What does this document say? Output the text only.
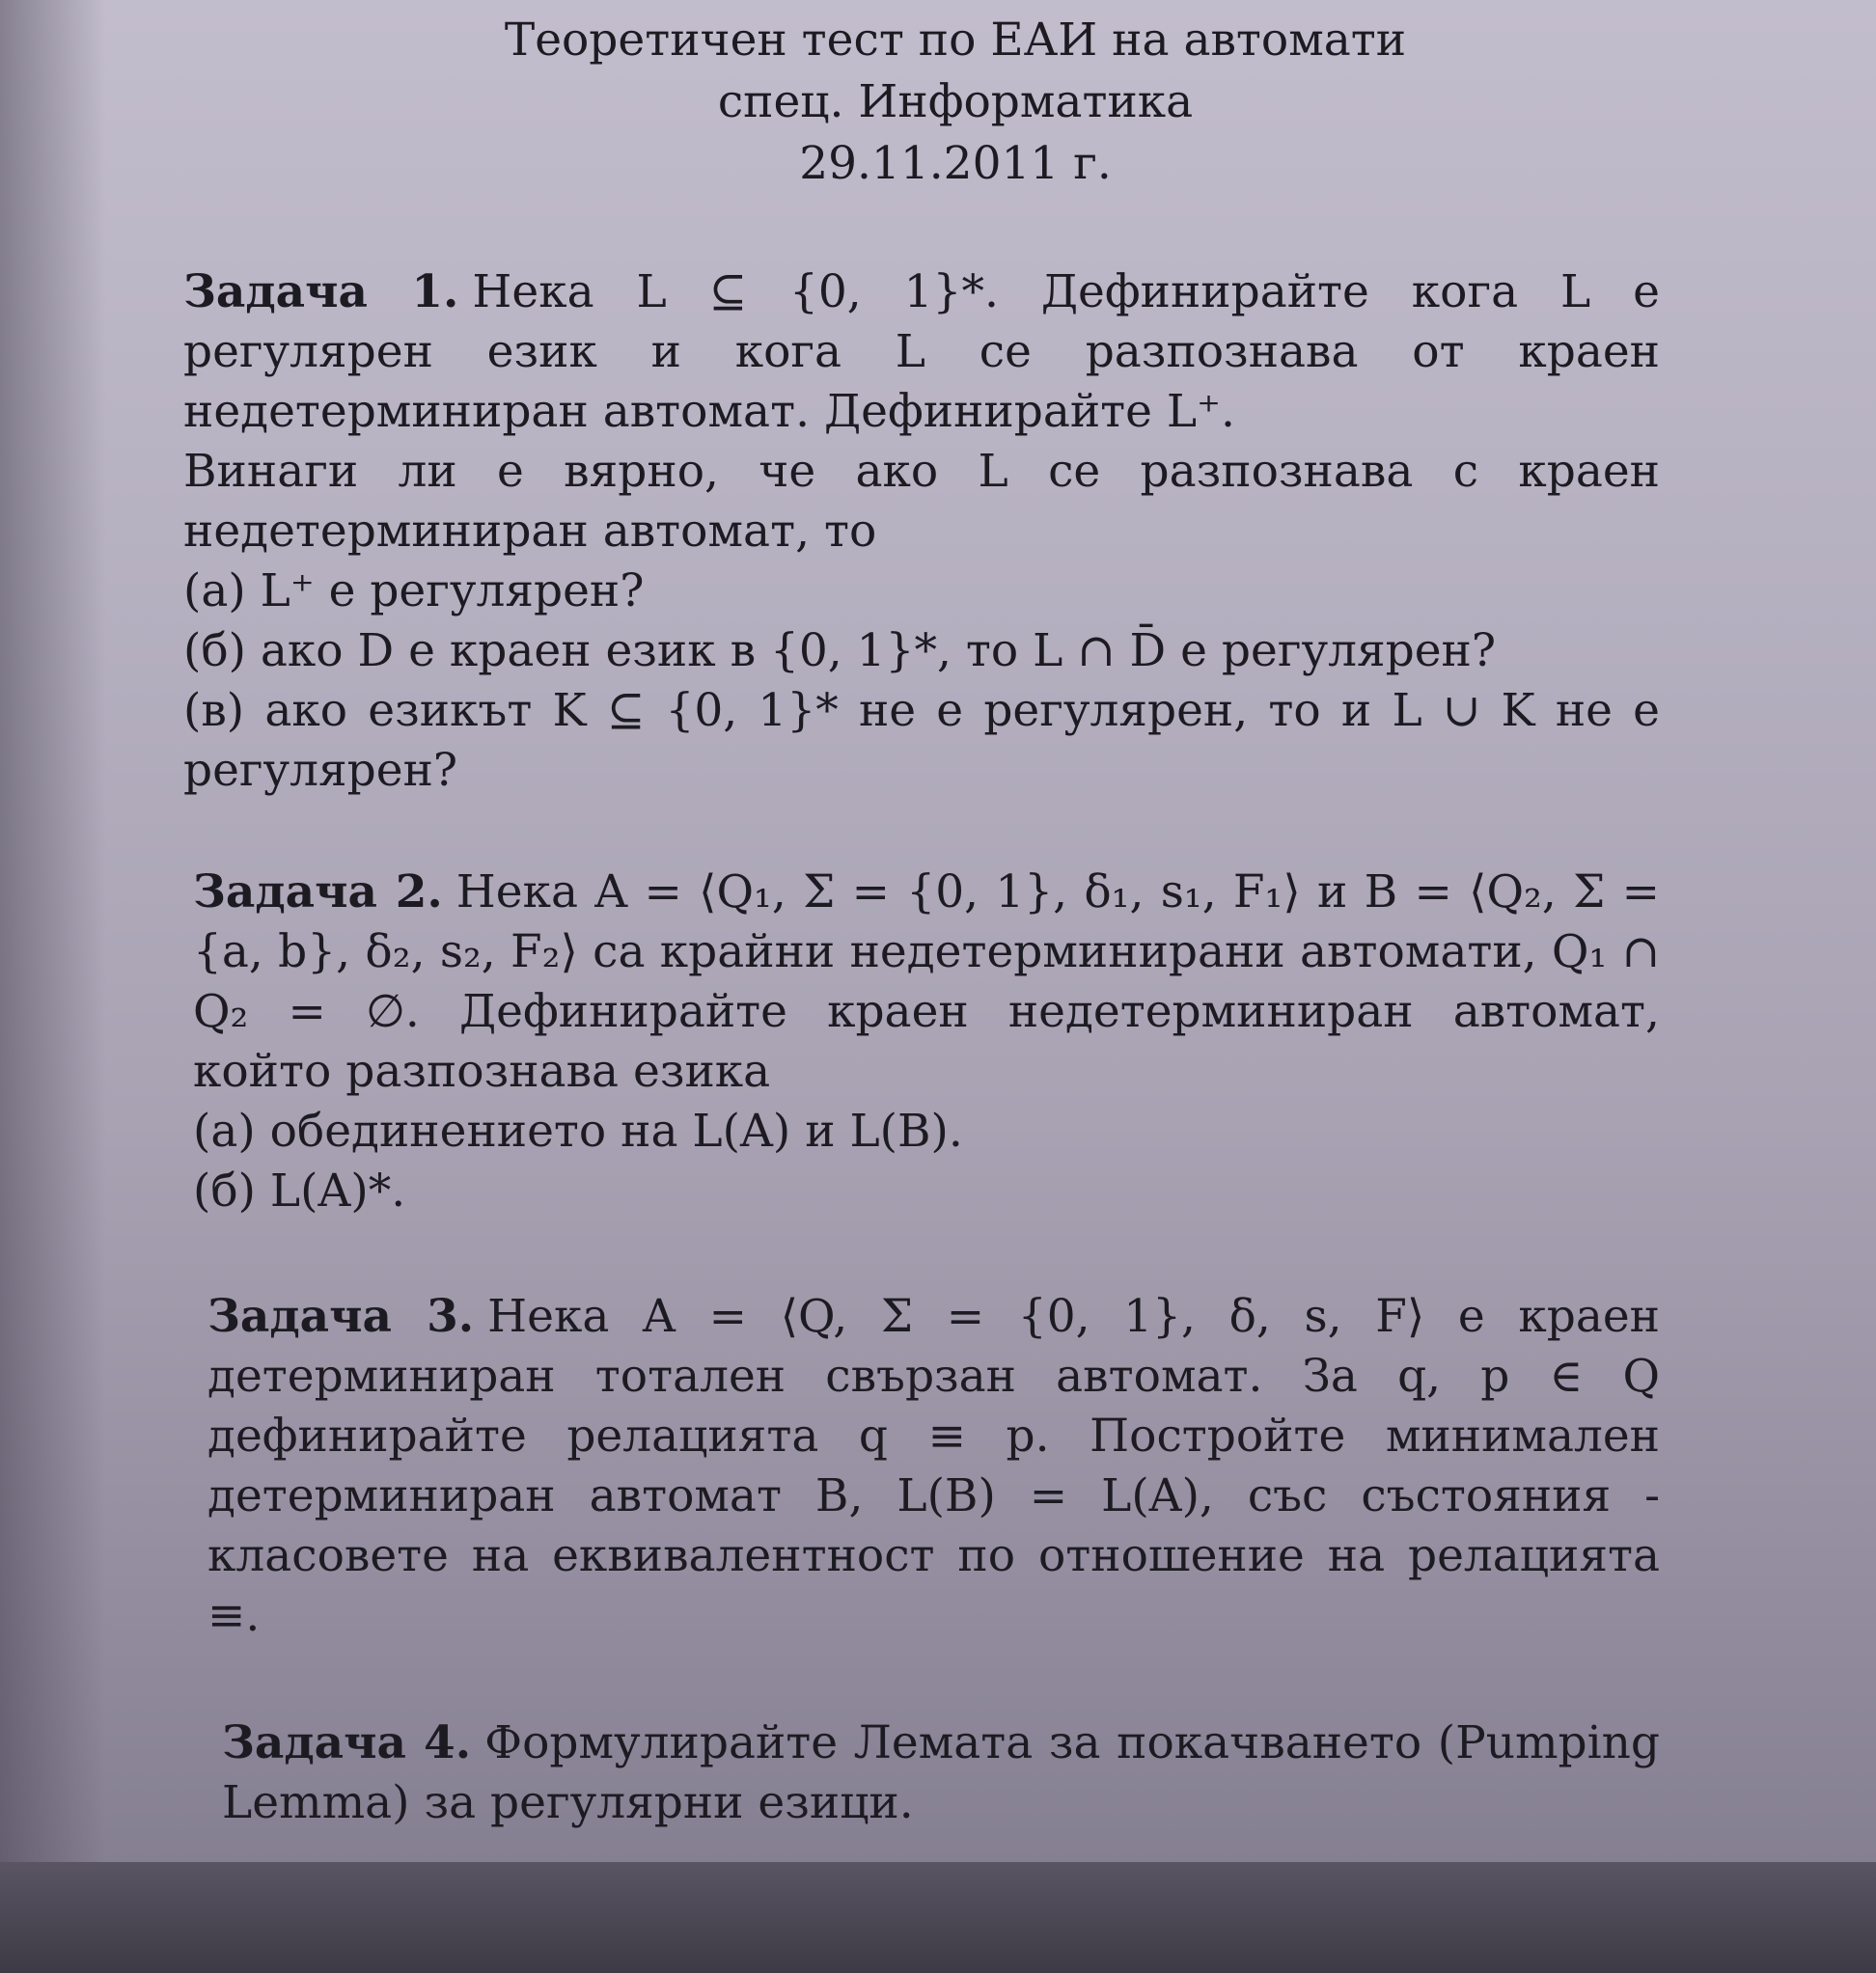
Теоретичен тест по ЕАИ на автомати
спец. Информатика
29.11.2011 г.

Задача 1. Нека L ⊆ {0, 1}*. Дефинирайте кога L е регулярен език и кога L се разпознава от краен недетерминиран автомат. Дефинирайте L⁺.

Винаги ли е вярно, че ако L се разпознава с краен недетерминиран автомат, то

(а) L⁺ е регулярен?

(б) ако D е краен език в {0, 1}*, то L ∩ D̄ е регулярен?

(в) ако езикът K ⊆ {0, 1}* не е регулярен, то и L ∪ K не е регулярен?

Задача 2. Нека A = ⟨Q₁, Σ = {0, 1}, δ₁, s₁, F₁⟩ и B = ⟨Q₂, Σ = {a, b}, δ₂, s₂, F₂⟩ са крайни недетерминирани автомати, Q₁ ∩ Q₂ = ∅. Дефинирайте краен недетерминиран автомат, който разпознава езика

(а) обединението на L(A) и L(B).

(б) L(A)*.

Задача 3. Нека A = ⟨Q, Σ = {0, 1}, δ, s, F⟩ е краен детерминиран тотален свързан автомат. За q, p ∈ Q дефинирайте релацията q ≡ p. Постройте минимален детерминиран автомат B, L(B) = L(A), със състояния - класовете на еквивалентност по отношение на релацията ≡.

Задача 4. Формулирайте Лемата за покачването (Pumping Lemma) за регулярни езици.
